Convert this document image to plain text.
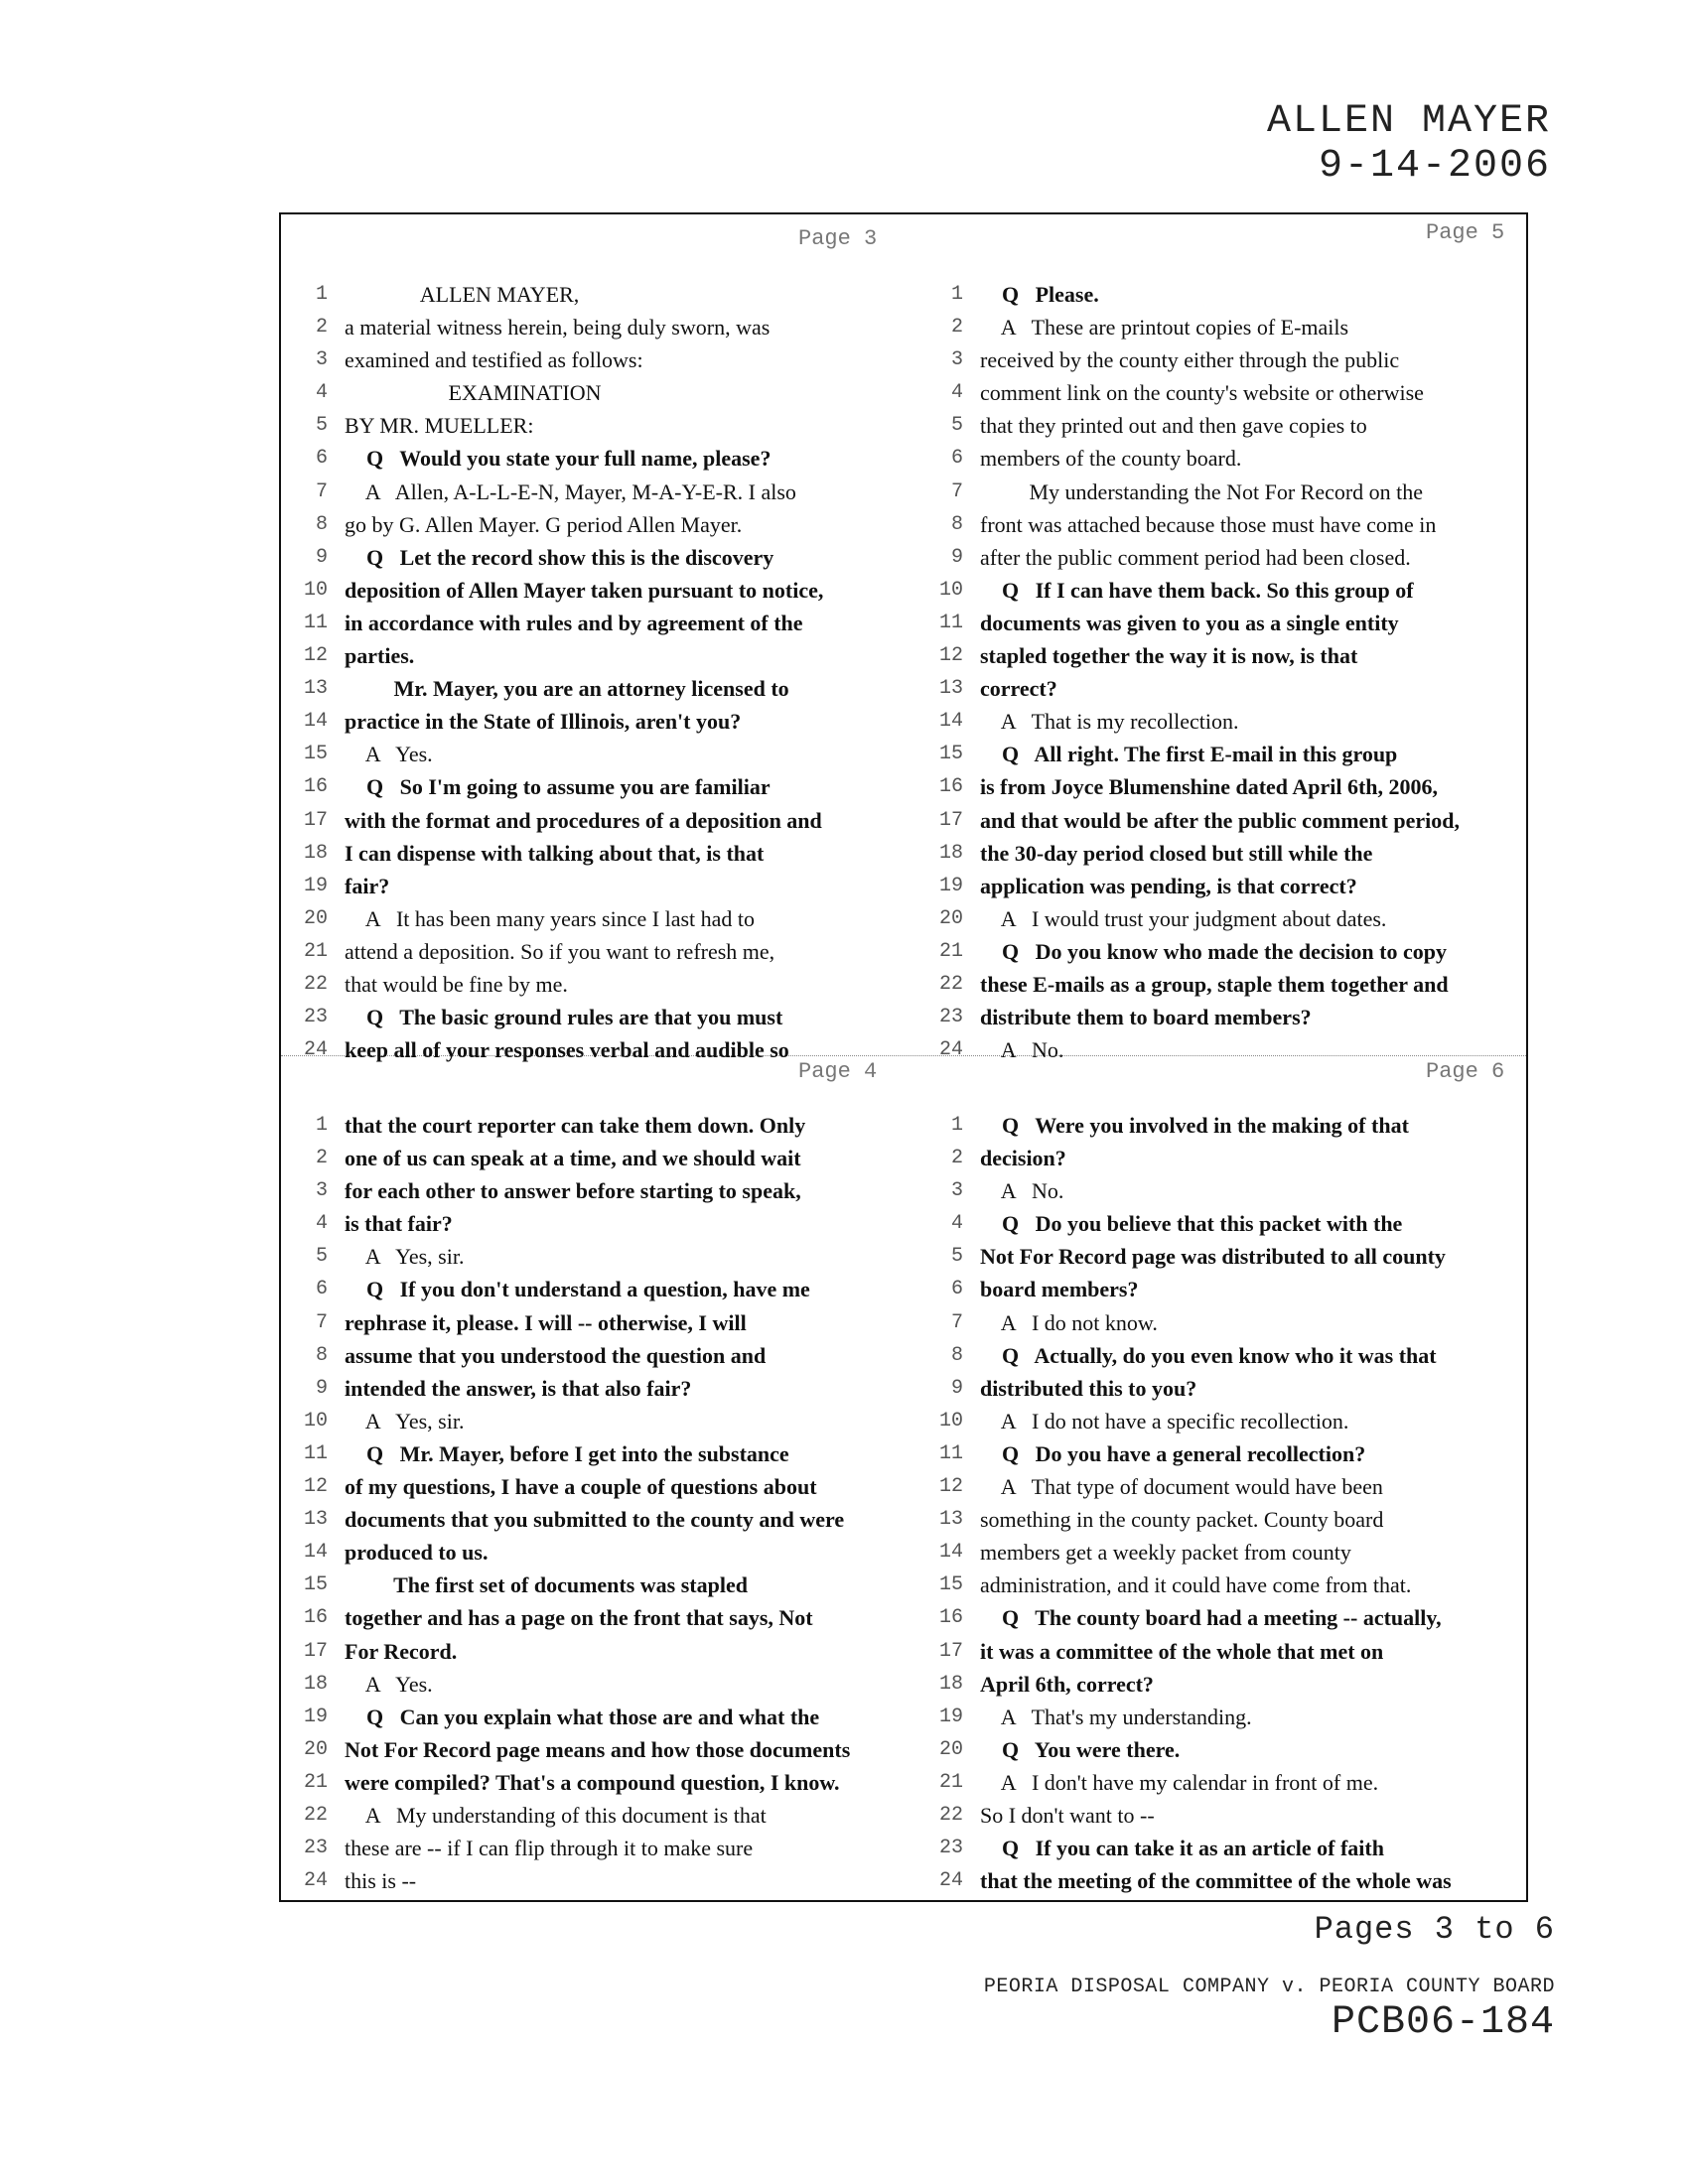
ALLEN MAYER
9-14-2006
Page 3
1 ALLEN MAYER,
2 a material witness herein, being duly sworn, was
3 examined and testified as follows:
4 EXAMINATION
5 BY MR. MUELLER:
6 Q   Would you state your full name, please?
7 A   Allen, A-L-L-E-N, Mayer, M-A-Y-E-R. I also
8 go by G. Allen Mayer. G period Allen Mayer.
9 Q   Let the record show this is the discovery
10 deposition of Allen Mayer taken pursuant to notice,
11 in accordance with rules and by agreement of the
12 parties.
13 Mr. Mayer, you are an attorney licensed to
14 practice in the State of Illinois, aren't you?
15 A   Yes.
16 Q   So I'm going to assume you are familiar
17 with the format and procedures of a deposition and
18 I can dispense with talking about that, is that
19 fair?
20 A   It has been many years since I last had to
21 attend a deposition. So if you want to refresh me,
22 that would be fine by me.
23 Q   The basic ground rules are that you must
24 keep all of your responses verbal and audible so
Page 5
1 Q   Please.
2 A   These are printout copies of E-mails
3 received by the county either through the public
4 comment link on the county's website or otherwise
5 that they printed out and then gave copies to
6 members of the county board.
7 My understanding the Not For Record on the
8 front was attached because those must have come in
9 after the public comment period had been closed.
10 Q   If I can have them back. So this group of
11 documents was given to you as a single entity
12 stapled together the way it is now, is that
13 correct?
14 A   That is my recollection.
15 Q   All right. The first E-mail in this group
16 is from Joyce Blumenshine dated April 6th, 2006,
17 and that would be after the public comment period,
18 the 30-day period closed but still while the
19 application was pending, is that correct?
20 A   I would trust your judgment about dates.
21 Q   Do you know who made the decision to copy
22 these E-mails as a group, staple them together and
23 distribute them to board members?
24 A   No.
Page 4
1 that the court reporter can take them down. Only
2 one of us can speak at a time, and we should wait
3 for each other to answer before starting to speak,
4 is that fair?
5 A   Yes, sir.
6 Q   If you don't understand a question, have me
7 rephrase it, please. I will -- otherwise, I will
8 assume that you understood the question and
9 intended the answer, is that also fair?
10 A   Yes, sir.
11 Q   Mr. Mayer, before I get into the substance
12 of my questions, I have a couple of questions about
13 documents that you submitted to the county and were
14 produced to us.
15 The first set of documents was stapled
16 together and has a page on the front that says, Not
17 For Record.
18 A   Yes.
19 Q   Can you explain what those are and what the
20 Not For Record page means and how those documents
21 were compiled? That's a compound question, I know.
22 A   My understanding of this document is that
23 these are -- if I can flip through it to make sure
24 this is --
Page 6
1 Q   Were you involved in the making of that
2 decision?
3 A   No.
4 Q   Do you believe that this packet with the
5 Not For Record page was distributed to all county
6 board members?
7 A   I do not know.
8 Q   Actually, do you even know who it was that
9 distributed this to you?
10 A   I do not have a specific recollection.
11 Q   Do you have a general recollection?
12 A   That type of document would have been
13 something in the county packet. County board
14 members get a weekly packet from county
15 administration, and it could have come from that.
16 Q   The county board had a meeting -- actually,
17 it was a committee of the whole that met on
18 April 6th, correct?
19 A   That's my understanding.
20 Q   You were there.
21 A   I don't have my calendar in front of me.
22 So I don't want to --
23 Q   If you can take it as an article of faith
24 that the meeting of the committee of the whole was
Pages 3 to 6
PEORIA DISPOSAL COMPANY v. PEORIA COUNTY BOARD
PCB06-184
